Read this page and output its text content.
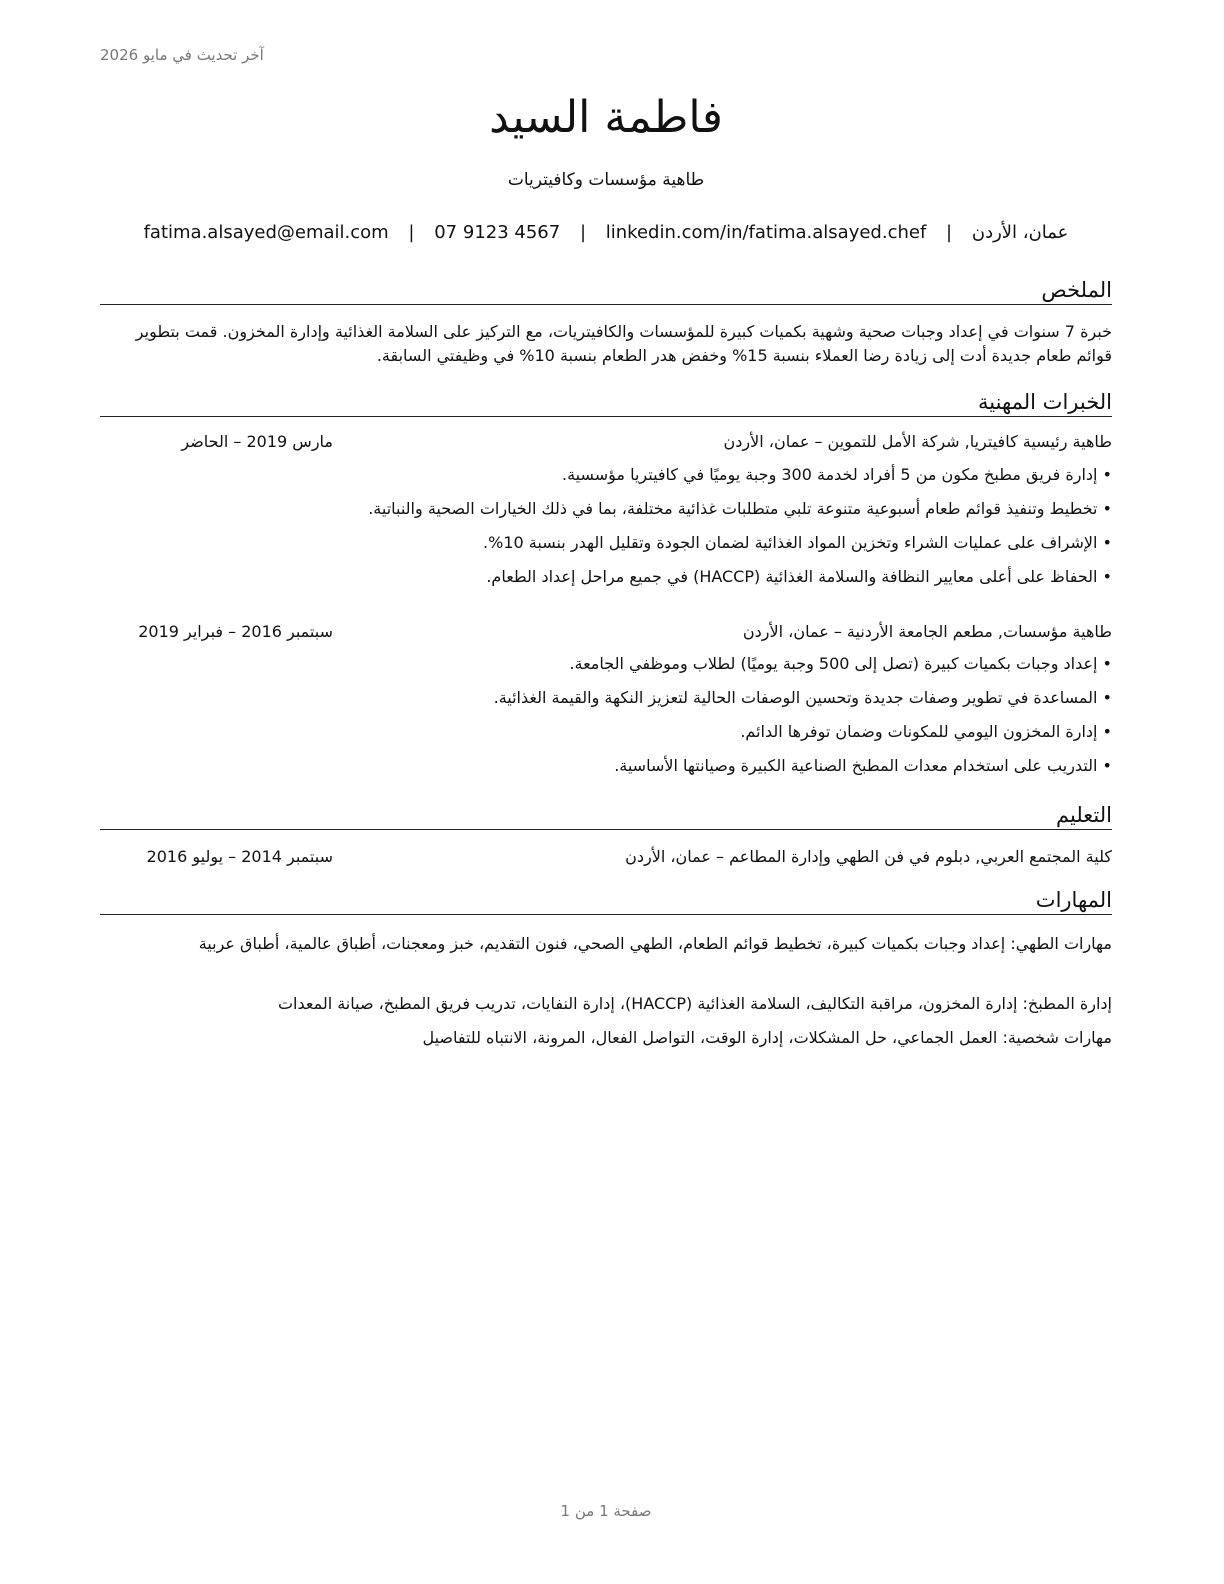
آخر تحديث في مايو 2026
فاطمة السيد
طاهية مؤسسات وكافيتريات
عمان، الأردن | fatima.alsayed@email.com | 07 9123 4567 | linkedin.com/in/fatima.alsayed.chef
الملخص
خبرة 7 سنوات في إعداد وجبات صحية وشهية بكميات كبيرة للمؤسسات والكافيتريات، مع التركيز على السلامة الغذائية وإدارة المخزون. قمت بتطوير قوائم طعام جديدة أدت إلى زيادة رضا العملاء بنسبة 15% وخفض هدر الطعام بنسبة 10% في وظيفتي السابقة.
الخبرات المهنية
طاهية رئيسية كافيتريا, شركة الأمل للتموين – عمان، الأردن
مارس 2019 – الحاضر
• إدارة فريق مطبخ مكون من 5 أفراد لخدمة 300 وجبة يوميًا في كافيتريا مؤسسية.
• تخطيط وتنفيذ قوائم طعام أسبوعية متنوعة تلبي متطلبات غذائية مختلفة، بما في ذلك الخيارات الصحية والنباتية.
• الإشراف على عمليات الشراء وتخزين المواد الغذائية لضمان الجودة وتقليل الهدر بنسبة 10%.
• الحفاظ على أعلى معايير النظافة والسلامة الغذائية (HACCP) في جميع مراحل إعداد الطعام.
طاهية مؤسسات, مطعم الجامعة الأردنية – عمان، الأردن
سبتمبر 2016 – فبراير 2019
• إعداد وجبات بكميات كبيرة (تصل إلى 500 وجبة يوميًا) لطلاب وموظفي الجامعة.
• المساعدة في تطوير وصفات جديدة وتحسين الوصفات الحالية لتعزيز النكهة والقيمة الغذائية.
• إدارة المخزون اليومي للمكونات وضمان توفرها الدائم.
• التدريب على استخدام معدات المطبخ الصناعية الكبيرة وصيانتها الأساسية.
التعليم
كلية المجتمع العربي, دبلوم في فن الطهي وإدارة المطاعم – عمان، الأردن
سبتمبر 2014 – يوليو 2016
المهارات
مهارات الطهي: إعداد وجبات بكميات كبيرة، تخطيط قوائم الطعام، الطهي الصحي، فنون التقديم، خبز ومعجنات، أطباق عالمية، أطباق عربية
إدارة المطبخ: إدارة المخزون، مراقبة التكاليف، السلامة الغذائية (HACCP)، إدارة النفايات، تدريب فريق المطبخ، صيانة المعدات
مهارات شخصية: العمل الجماعي، حل المشكلات، إدارة الوقت، التواصل الفعال، المرونة، الانتباه للتفاصيل
صفحة 1 من 1
